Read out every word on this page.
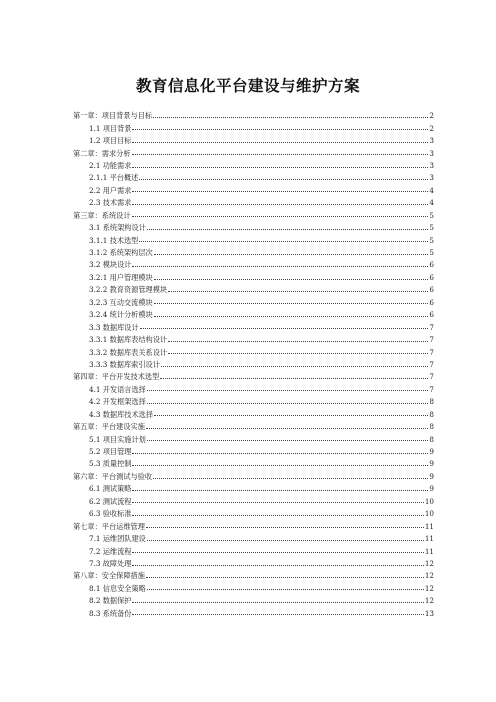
教育信息化平台建设与维护方案
第一章：项目背景与目标	2
1.1 项目背景	2
1.2 项目目标	3
第二章：需求分析	3
2.1 功能需求	3
2.1.1 平台概述	3
2.2 用户需求	4
2.3 技术需求	4
第三章：系统设计	5
3.1 系统架构设计	5
3.1.1 技术选型	5
3.1.2 系统架构层次	5
3.2 模块设计	6
3.2.1 用户管理模块	6
3.2.2 教育资源管理模块	6
3.2.3 互动交流模块	6
3.2.4 统计分析模块	6
3.3 数据库设计	7
3.3.1 数据库表结构设计	7
3.3.2 数据库表关系设计	7
3.3.3 数据库索引设计	7
第四章：平台开发技术选型	7
4.1 开发语言选择	7
4.2 开发框架选择	8
4.3 数据库技术选择	8
第五章：平台建设实施	8
5.1 项目实施计划	8
5.2 项目管理	9
5.3 质量控制	9
第六章：平台测试与验收	9
6.1 测试策略	9
6.2 测试流程	10
6.3 验收标准	10
第七章：平台运维管理	11
7.1 运维团队建设	11
7.2 运维流程	11
7.3 故障处理	12
第八章：安全保障措施	12
8.1 信息安全策略	12
8.2 数据保护	12
8.3 系统备份	13
